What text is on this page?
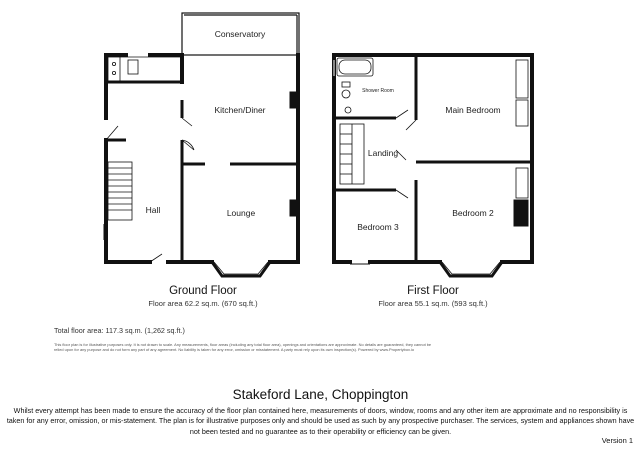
Conservatory
Kitchen/Diner
Hall	Lounge
Shower Room
Main Bedroom
Landing
Bedroom 3
Bedroom 2
Ground Floor
Floor area 62.2 sq.m. (670 sq.ft.)
First Floor
Floor area 55.1 sq.m. (593 sq.ft.)
Total floor area: 117.3 sq.m. (1,262 sq.ft.)
This floor plan is for illustrative purposes only. It is not drawn to scale. Any measurements, floor areas (including any total floor area), openings and orientations are approximate. No details are guaranteed, they cannot be relied upon for any purpose and do not form any part of any agreement. No liability is taken for any error, omission or misstatement. A party must rely upon its own inspection(s). Powered by www.Propertybox.io
Stakeford Lane, Choppington
Whilst every attempt has been made to ensure the accuracy of the floor plan contained here, measurements of doors, window, rooms and any other item are approximate and no responsibility is taken for any error, omission, or mis-statement. The plan is for illustrative purposes only and should be used as such by any prospective purchaser. The services, system and appliances shown have not been tested and no guarantee as to their operability or efficiency can be given.
Version 1
